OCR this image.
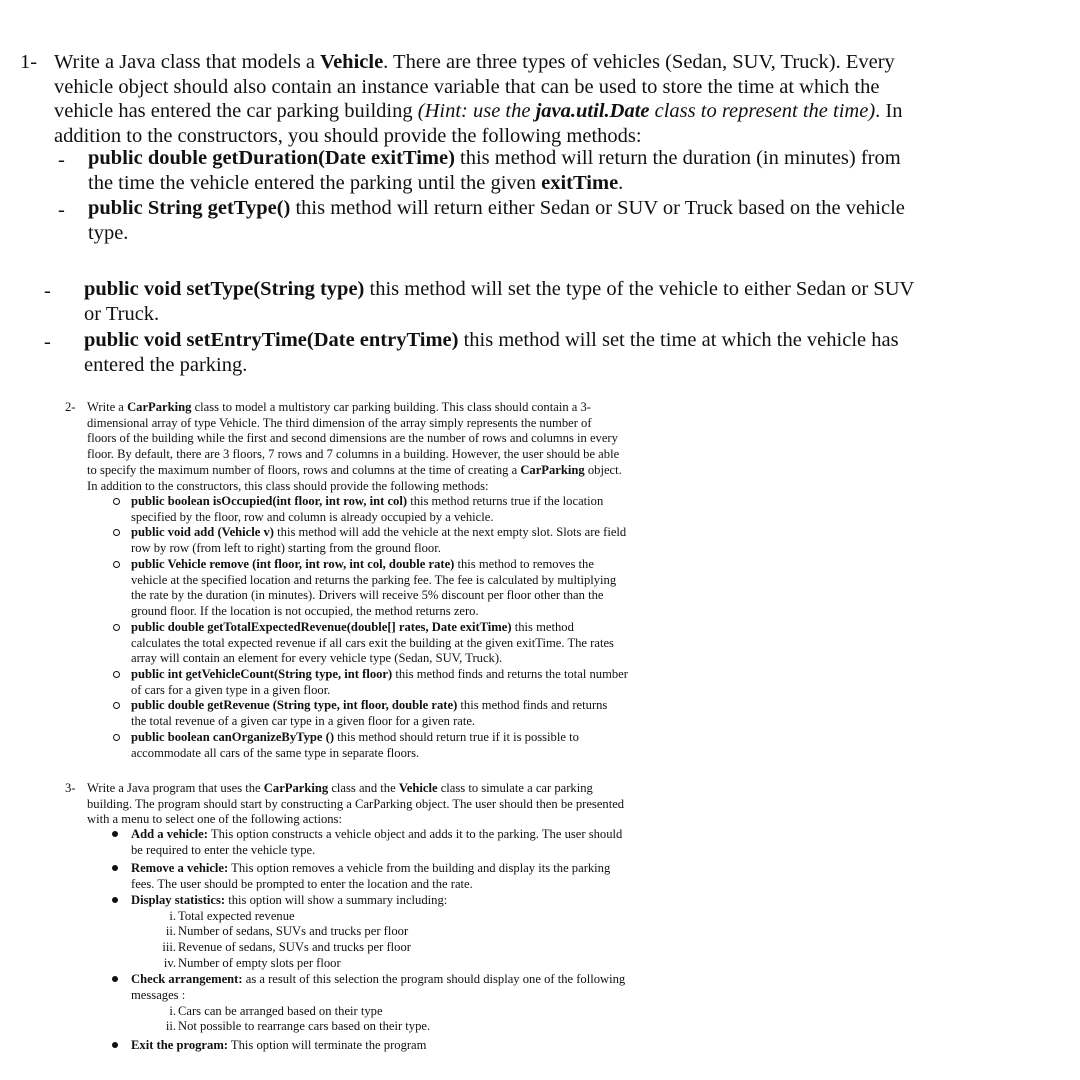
1- Write a Java class that models a Vehicle. There are three types of vehicles (Sedan, SUV, Truck). Every
vehicle object should also contain an instance variable that can be used to store the time at which the
vehicle has entered the car parking building (Hint: use the java.util.Date class to represent the time). In
addition to the constructors, you should provide the following methods:
- public double getDuration(Date exitTime) this method will return the duration (in minutes) from
the time the vehicle entered the parking until the given exitTime.
- public String getType() this method will return either Sedan or SUV or Truck based on the vehicle
type.
- public void setType(String type) this method will set the type of the vehicle to either Sedan or SUV
or Truck.
- public void setEntryTime(Date entryTime) this method will set the time at which the vehicle has
entered the parking.
2- Write a CarParking class to model a multistory car parking building. This class should contain a 3-
dimensional array of type Vehicle. The third dimension of the array simply represents the number of
floors of the building while the first and second dimensions are the number of rows and columns in every
floor. By default, there are 3 floors, 7 rows and 7 columns in a building. However, the user should be able
to specify the maximum number of floors, rows and columns at the time of creating a CarParking object.
In addition to the constructors, this class should provide the following methods:
public boolean isOccupied(int floor, int row, int col) this method returns true if the location
specified by the floor, row and column is already occupied by a vehicle.
public void add (Vehicle v) this method will add the vehicle at the next empty slot. Slots are field
row by row (from left to right) starting from the ground floor.
public Vehicle remove (int floor, int row, int col, double rate) this method to removes the
vehicle at the specified location and returns the parking fee. The fee is calculated by multiplying
the rate by the duration (in minutes). Drivers will receive 5% discount per floor other than the
ground floor. If the location is not occupied, the method returns zero.
public double getTotalExpectedRevenue(double[] rates, Date exitTime) this method
calculates the total expected revenue if all cars exit the building at the given exitTime. The rates
array will contain an element for every vehicle type (Sedan, SUV, Truck).
public int getVehicleCount(String type, int floor) this method finds and returns the total number
of cars for a given type in a given floor.
public double getRevenue (String type, int floor, double rate) this method finds and returns
the total revenue of a given car type in a given floor for a given rate.
public boolean canOrganizeByType () this method should return true if it is possible to
accommodate all cars of the same type in separate floors.
3- Write a Java program that uses the CarParking class and the Vehicle class to simulate a car parking
building. The program should start by constructing a CarParking object. The user should then be presented
with a menu to select one of the following actions:
Add a vehicle: This option constructs a vehicle object and adds it to the parking. The user should
be required to enter the vehicle type.
Remove a vehicle: This option removes a vehicle from the building and display its the parking
fees. The user should be prompted to enter the location and the rate.
Display statistics: this option will show a summary including:
i. Total expected revenue
ii. Number of sedans, SUVs and trucks per floor
iii. Revenue of sedans, SUVs and trucks per floor
iv. Number of empty slots per floor
Check arrangement: as a result of this selection the program should display one of the following
messages :
i. Cars can be arranged based on their type
ii. Not possible to rearrange cars based on their type.
Exit the program: This option will terminate the program
